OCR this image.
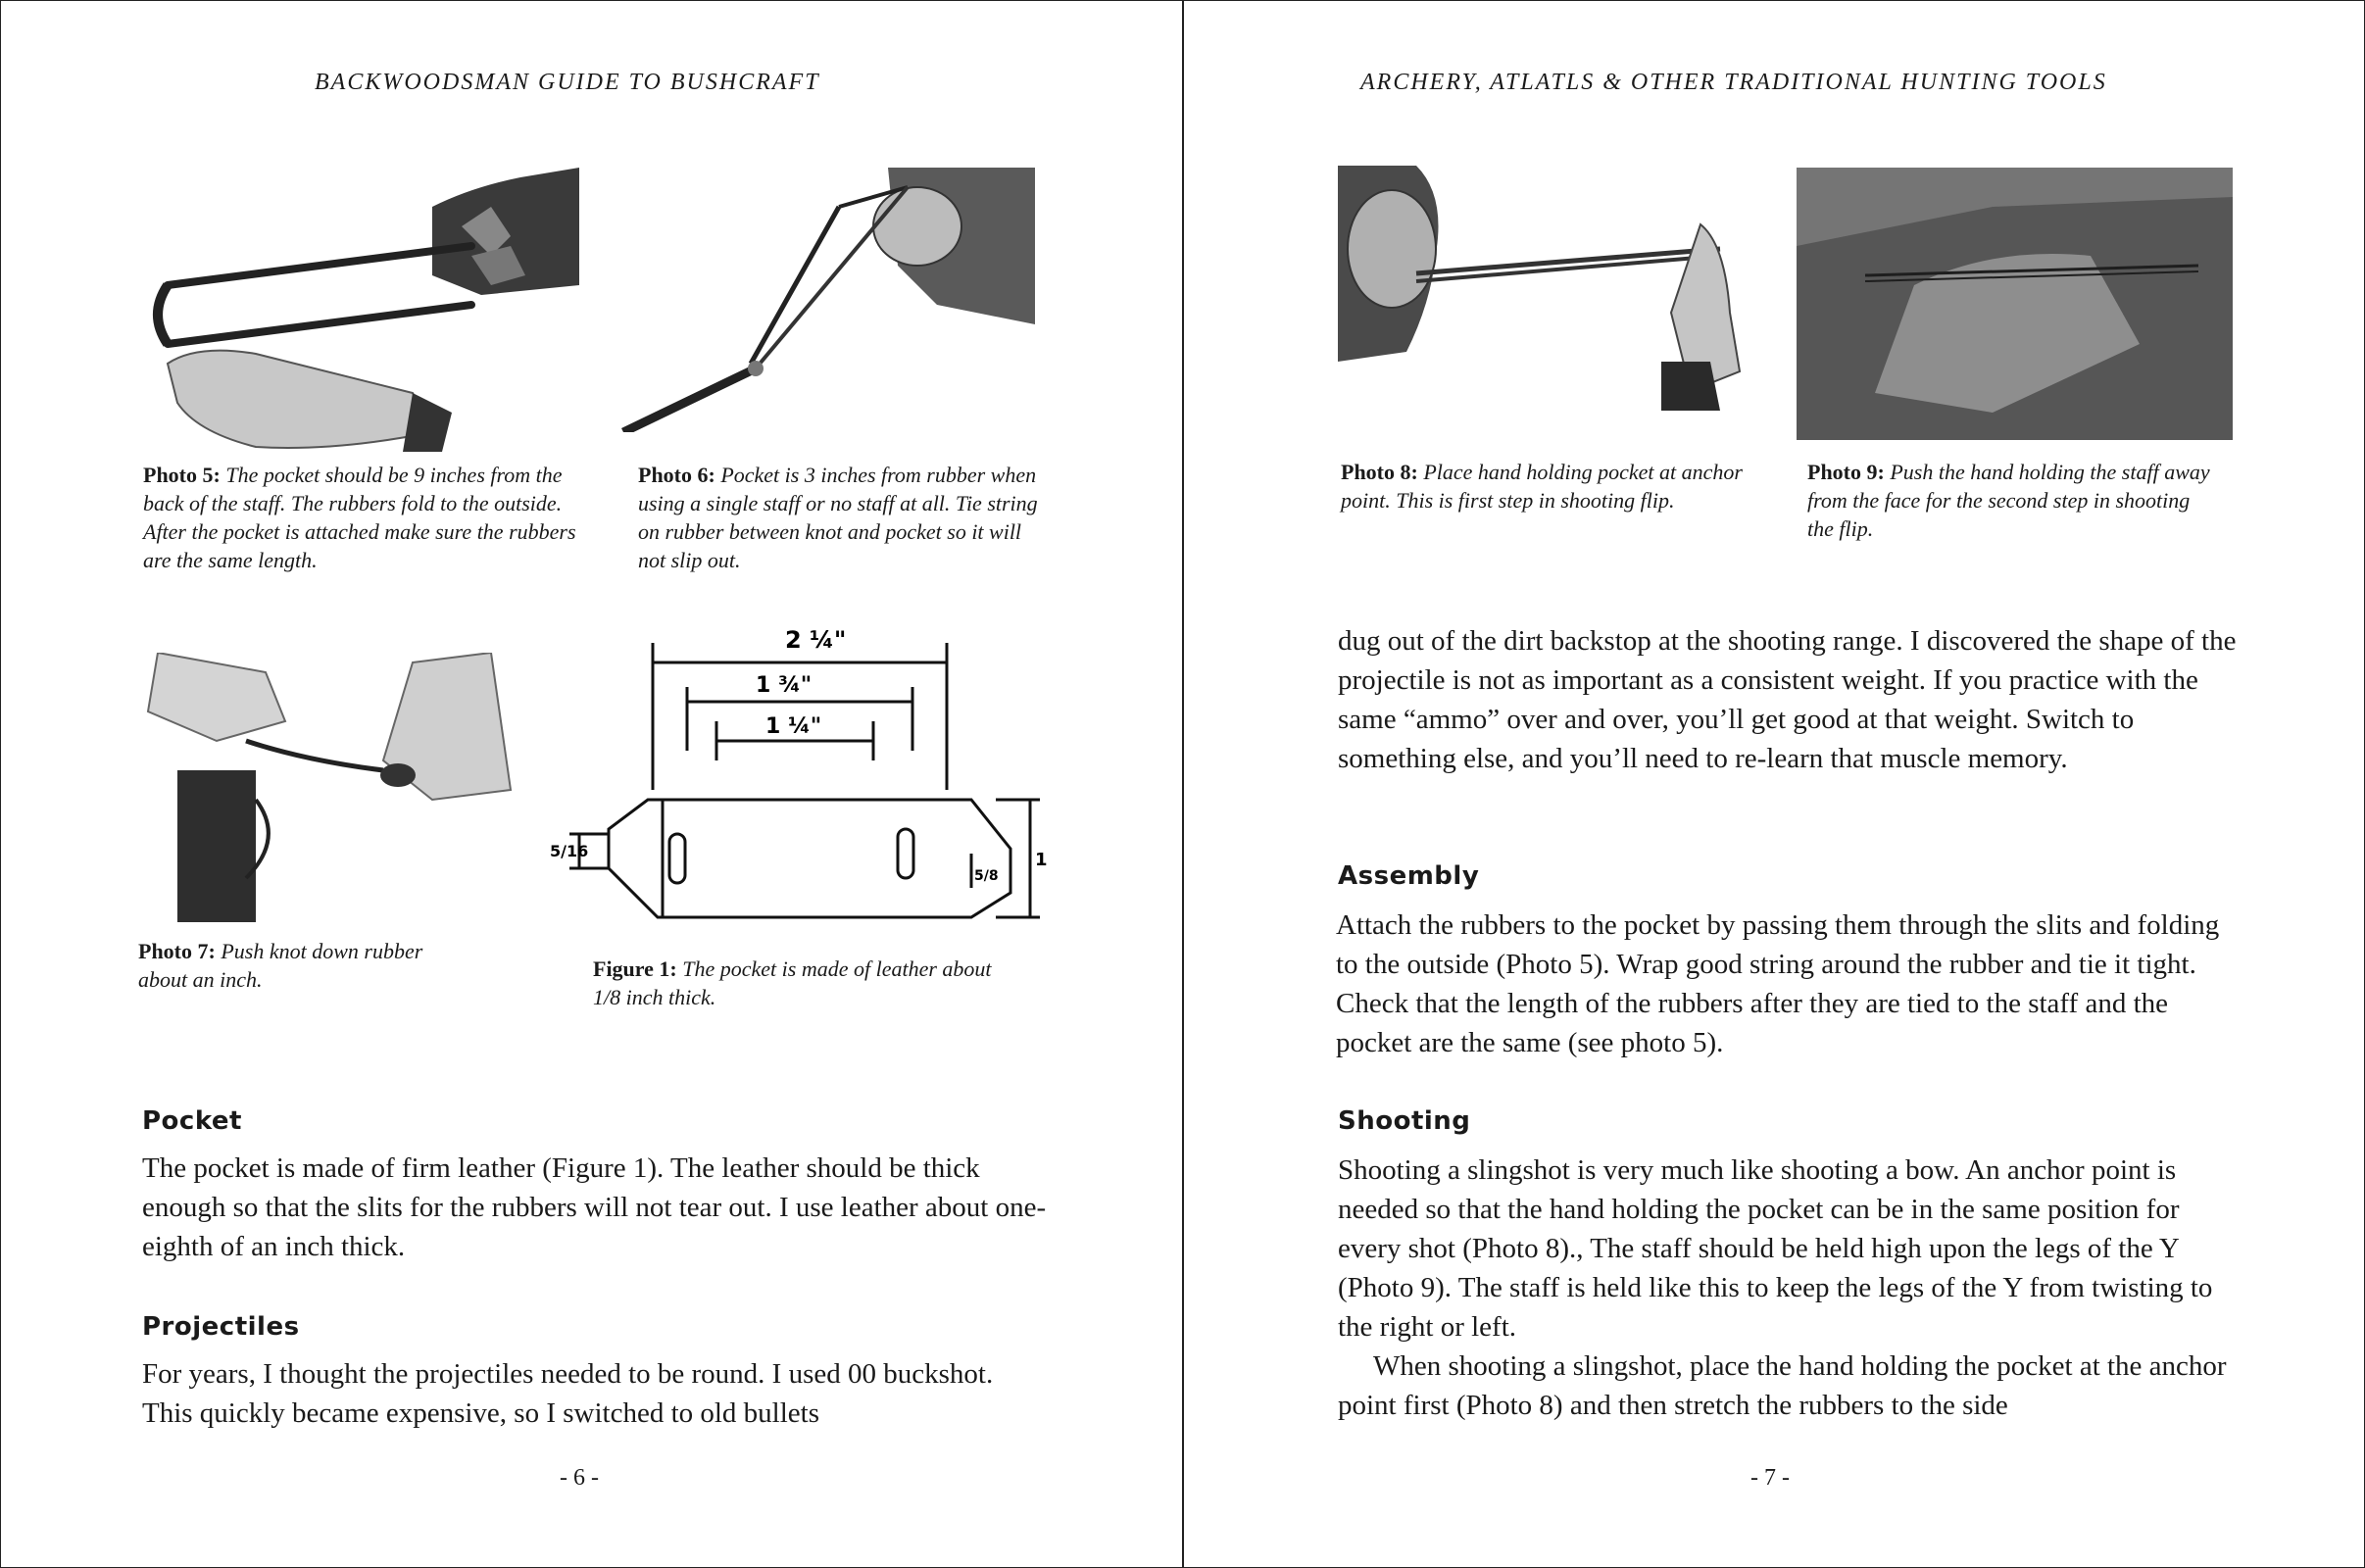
BACKWOODSMAN GUIDE TO BUSHCRAFT
Photo 5: The pocket should be 9 inches from the back of the staff. The rubbers fold to the outside. After the pocket is attached make sure the rubbers are the same length.
Photo 6: Pocket is 3 inches from rubber when using a single staff or no staff at all. Tie string on rubber between knot and pocket so it will not slip out.
2 ¼"
1 ¾"
1 ¼"
5/16	1
5/8
Photo 7: Push knot down rubber about an inch.	Figure 1: The pocket is made of leather about 1/8 inch thick.
Pocket

The pocket is made of firm leather (Figure 1). The leather should be thick enough so that the slits for the rubbers will not tear out. I use leather about one-eighth of an inch thick.

Projectiles

For years, I thought the projectiles needed to be round. I used 00 buckshot. This quickly became expensive, so I switched to old bullets

- 6 -
ARCHERY, ATLATLS & OTHER TRADITIONAL HUNTING TOOLS
Photo 8: Place hand holding pocket at anchor point. This is first step in shooting flip.
Photo 9: Push the hand holding the staff away from the face for the second step in shooting the flip.

dug out of the dirt backstop at the shooting range. I discovered the shape of the projectile is not as important as a consistent weight. If you practice with the same “ammo” over and over, you’ll get good at that weight. Switch to something else, and you’ll need to re-learn that muscle memory.

Assembly

Attach the rubbers to the pocket by passing them through the slits and folding to the outside (Photo 5). Wrap good string around the rubber and tie it tight. Check that the length of the rubbers after they are tied to the staff and the pocket are the same (see photo 5).

Shooting

Shooting a slingshot is very much like shooting a bow. An anchor point is needed so that the hand holding the pocket can be in the same position for every shot (Photo 8)., The staff should be held high upon the legs of the Y (Photo 9). The staff is held like this to keep the legs of the Y from twisting to the right or left.

When shooting a slingshot, place the hand holding the pocket at the anchor point first (Photo 8) and then stretch the rubbers to the side

- 7 -
